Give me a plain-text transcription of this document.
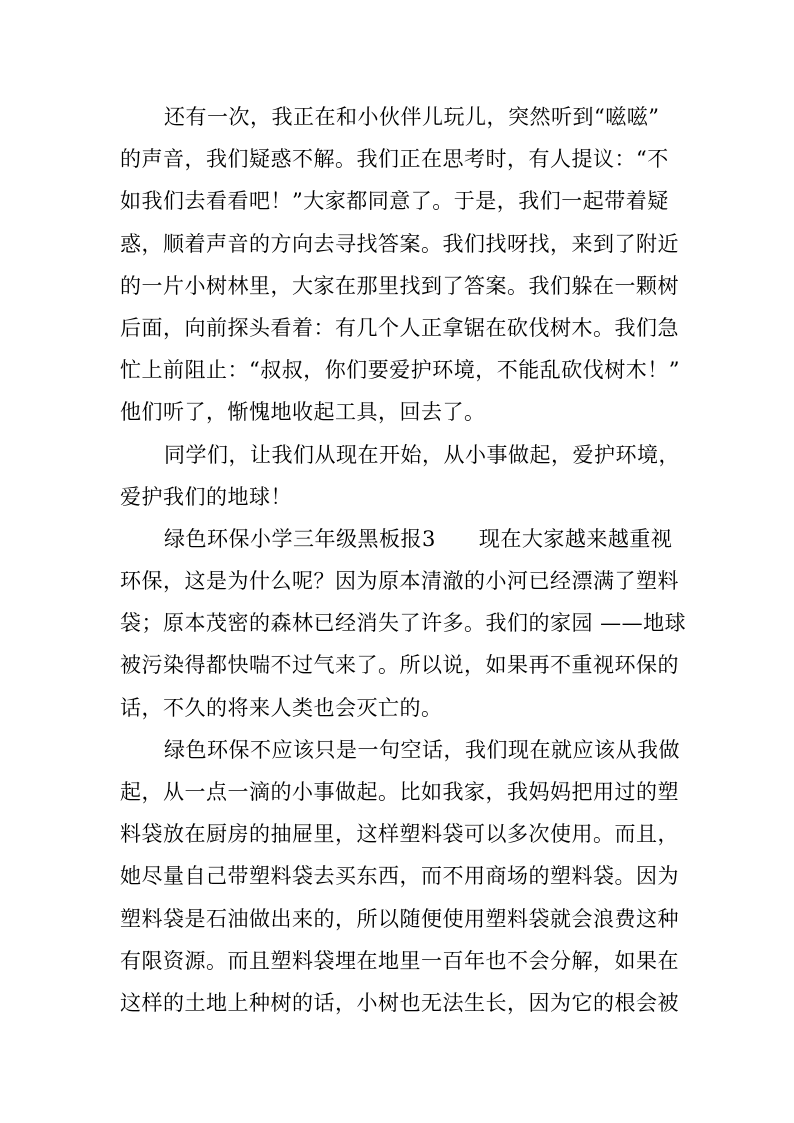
还有一次，我正在和小伙伴儿玩儿，突然听到“嗞嗞”
的声音，我们疑惑不解。我们正在思考时，有人提议：“不
如我们去看看吧！”大家都同意了。于是，我们一起带着疑
惑，顺着声音的方向去寻找答案。我们找呀找，来到了附近
的一片小树林里，大家在那里找到了答案。我们躲在一颗树
后面，向前探头看着：有几个人正拿锯在砍伐树木。我们急
忙上前阻止：“叔叔，你们要爱护环境，不能乱砍伐树木！”
他们听了，惭愧地收起工具，回去了。
同学们，让我们从现在开始，从小事做起，爱护环境，
爱护我们的地球！
绿色环保小学三年级黑板报3　　现在大家越来越重视
环保，这是为什么呢？因为原本清澈的小河已经漂满了塑料
袋；原本茂密的森林已经消失了许多。我们的家园 ——地球
被污染得都快喘不过气来了。所以说，如果再不重视环保的
话，不久的将来人类也会灭亡的。
绿色环保不应该只是一句空话，我们现在就应该从我做
起，从一点一滴的小事做起。比如我家，我妈妈把用过的塑
料袋放在厨房的抽屉里，这样塑料袋可以多次使用。而且，
她尽量自己带塑料袋去买东西，而不用商场的塑料袋。因为
塑料袋是石油做出来的，所以随便使用塑料袋就会浪费这种
有限资源。而且塑料袋埋在地里一百年也不会分解，如果在
这样的土地上种树的话，小树也无法生长，因为它的根会被
